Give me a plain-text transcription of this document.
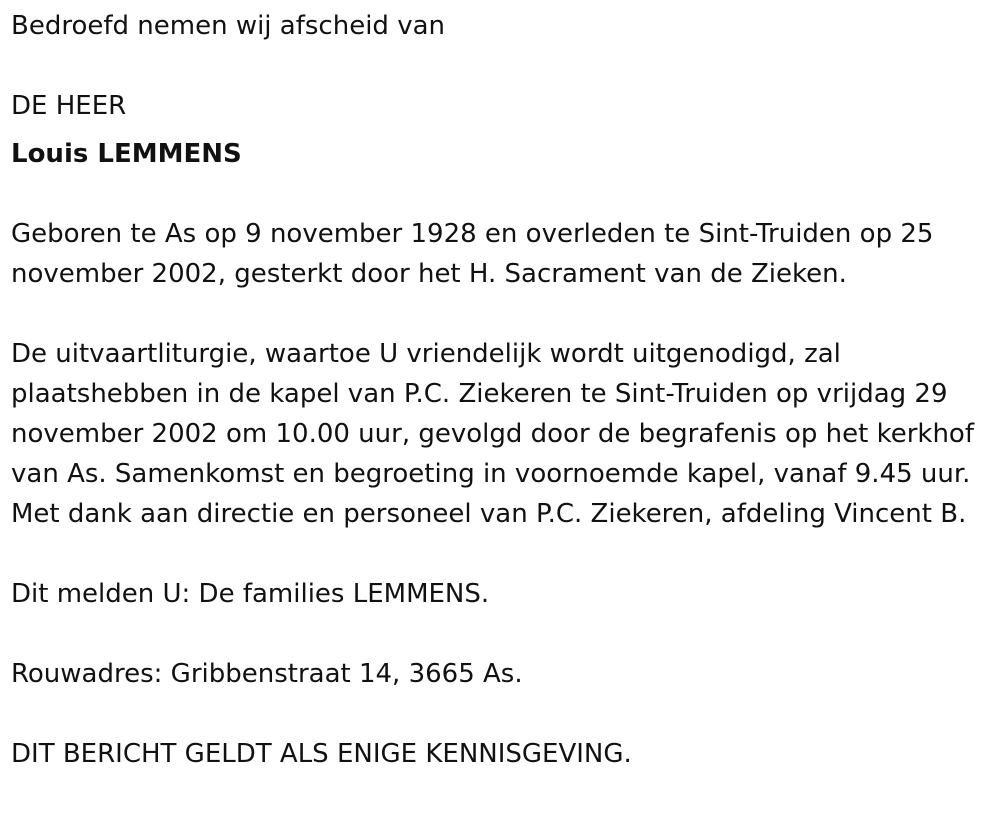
Bedroefd nemen wij afscheid van

DE HEER

Louis LEMMENS

Geboren te As op 9 november 1928 en overleden te Sint-Truiden op 25 november 2002, gesterkt door het H. Sacrament van de Zieken.

De uitvaartliturgie, waartoe U vriendelijk wordt uitgenodigd, zal plaatshebben in de kapel van P.C. Ziekeren te Sint-Truiden op vrijdag 29 november 2002 om 10.00 uur, gevolgd door de begrafenis op het kerkhof van As. Samenkomst en begroeting in voornoemde kapel, vanaf 9.45 uur. Met dank aan directie en personeel van P.C. Ziekeren, afdeling Vincent B.

Dit melden U: De families LEMMENS.

Rouwadres: Gribbenstraat 14, 3665 As.

DIT BERICHT GELDT ALS ENIGE KENNISGEVING.
